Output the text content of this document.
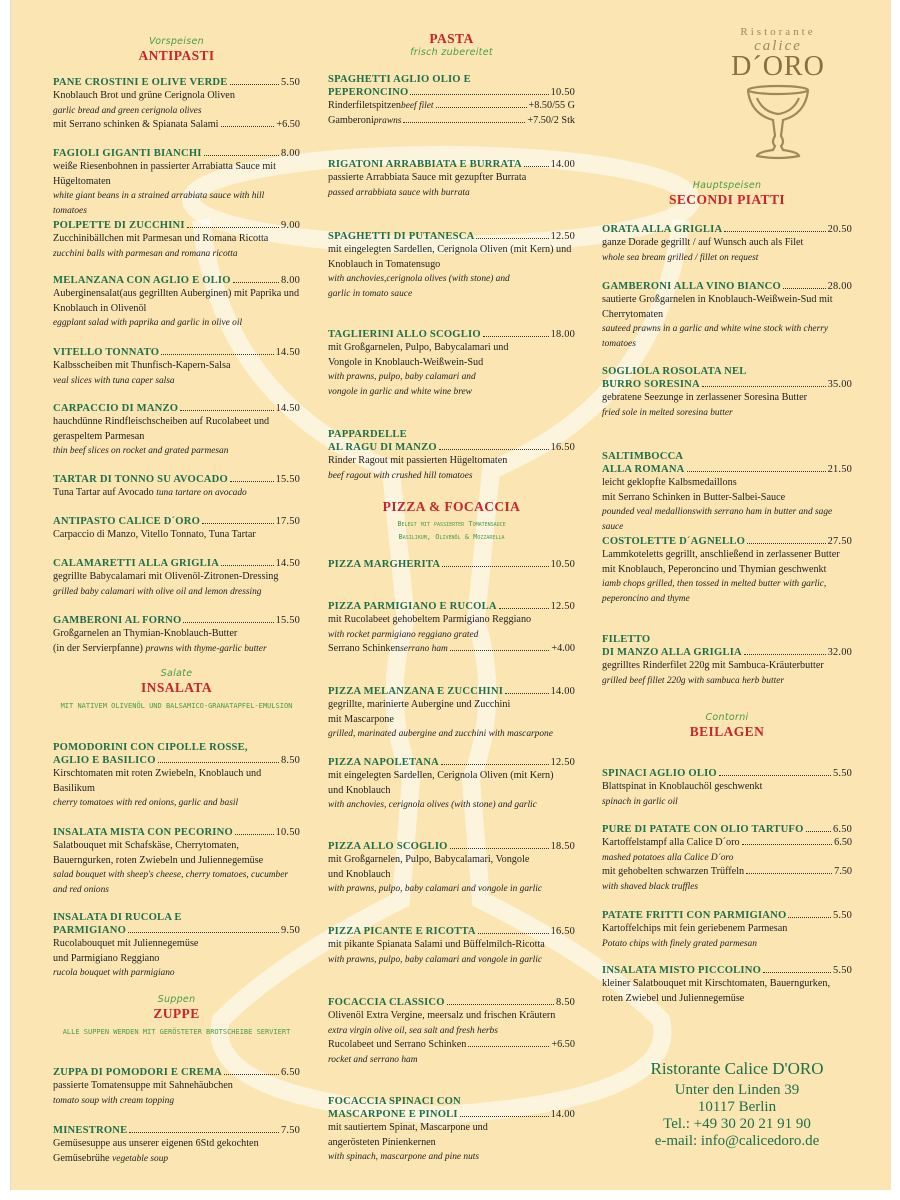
Ristorante
calice
D´ORO
Vorspeisen
ANTIPASTI
Salate
INSALATA
MIT NATIVEM OLIVENÖL UND BALSAMICO-GRANATAPFEL-EMULSION
Suppen
ZUPPE
ALLE SUPPEN WERDEN MIT GERÖSTETER BROTSCHEIBE SERVIERT
PANE CROSTINI E OLIVE VERDE	5.50
Knoblauch Brot und grüne Cerignola Oliven
garlic bread and green cerignola olives
mit Serrano schinken & Spianata Salami	+6.50
FAGIOLI GIGANTI BIANCHI	8.00
weiße Riesenbohnen in passierter Arrabiatta Sauce mit Hügeltomaten
white giant beans in a strained arrabiata sauce with hill tomatoes
POLPETTE DI ZUCCHINI	9.00
Zucchinibällchen mit Parmesan und Romana Ricotta
zucchini balls with parmesan and romana ricotta
MELANZANA CON AGLIO E OLIO	8.00
Auberginensalat(aus gegrillten Auberginen) mit Paprika und Knoblauch in Olivenöl
eggplant salad with paprika and garlic in olive oil
VITELLO TONNATO	14.50
Kalbsscheiben mit Thunfisch-Kapern-Salsa
veal slices with tuna caper salsa
CARPACCIO DI MANZO	14.50
hauchdünne Rindfleischscheiben auf Rucolabeet und geraspeltem Parmesan
thin beef slices on rocket and grated parmesan
TARTAR DI TONNO SU AVOCADO	15.50
Tuna Tartar auf Avocado tuna tartare on avocado
ANTIPASTO CALICE D´ORO	17.50
Carpaccio di Manzo, Vitello Tonnato, Tuna Tartar
CALAMARETTI ALLA GRIGLIA	14.50
gegrillte Babycalamari mit Olivenöl-Zitronen-Dressing
grilled baby calamari with olive oil and lemon dressing
GAMBERONI AL FORNO	15.50
Großgarnelen an Thymian-Knoblauch-Butter
(in der Servierpfanne) prawns with thyme-garlic butter
POMODORINI CON CIPOLLE ROSSE,
AGLIO E BASILICO	8.50
Kirschtomaten mit roten Zwiebeln, Knoblauch und Basilikum
cherry tomatoes with red onions, garlic and basil
INSALATA MISTA CON PECORINO	10.50
Salatbouquet mit Schafskäse, Cherrytomaten, Bauerngurken, roten Zwiebeln und Juliennegemüse
salad bouquet with sheep's cheese, cherry tomatoes, cucumber and red onions
INSALATA DI RUCOLA E
PARMIGIANO	9.50
Rucolabouquet mit Juliennegemüse
und Parmigiano Reggiano
rucola bouquet with parmigiano
ZUPPA DI POMODORI E CREMA	6.50
passierte Tomatensuppe mit Sahnehäubchen
tomato soup with cream topping
MINESTRONE	7.50
Gemüsesuppe aus unserer eigenen 6Std gekochten
Gemüsebrühe vegetable soup
PASTA
frisch zubereitet
PIZZA & FOCACCIA
Belegt mit passierter Tomatensauce
Basilikum, Olivenöl & Mozzarella
SPAGHETTI AGLIO OLIO E
PEPERONCINO	10.50
Rinderfiletspitzen beef filet	+8.50/55 G
Gamberoni prawns	+7.50/2 Stk
RIGATONI ARRABBIATA E BURRATA	14.00
passierte Arrabbiata Sauce mit gezupfter Burrata
passed arrabbiata sauce with burrata
SPAGHETTI DI PUTANESCA	12.50
mit eingelegten Sardellen, Cerignola Oliven (mit Kern) und Knoblauch in Tomatensugo
with anchovies,cerignola olives (with stone) and
garlic in tomato sauce
TAGLIERINI ALLO SCOGLIO	18.00
mit Großgarnelen, Pulpo, Babycalamari und
Vongole in Knoblauch-Weißwein-Sud
with prawns, pulpo, baby calamari and
vongole in garlic and white wine brew
PAPPARDELLE
AL RAGU DI MANZO	16.50
Rinder Ragout mit passierten Hügeltomaten
beef ragout with crushed hill tomatoes
PIZZA MARGHERITA	10.50
PIZZA PARMIGIANO E RUCOLA	12.50
mit Rucolabeet gehobeltem Parmigiano Reggiano
with rocket parmigiano reggiano grated
Serrano Schinken serrano ham	+4.00
PIZZA MELANZANA E ZUCCHINI	14.00
gegrillte, marinierte Aubergine und Zucchini
mit Mascarpone
grilled, marinated aubergine and zucchini with mascarpone
PIZZA NAPOLETANA	12.50
mit eingelegten Sardellen, Cerignola Oliven (mit Kern)
und Knoblauch
with anchovies, cerignola olives (with stone) and garlic
PIZZA ALLO SCOGLIO	18.50
mit Großgarnelen, Pulpo, Babycalamari, Vongole
und Knoblauch
with prawns, pulpo, baby calamari and vongole in garlic
PIZZA PICANTE E RICOTTA	16.50
mit pikante Spianata Salami und Büffelmilch-Ricotta
with prawns, pulpo, baby calamari and vongole in garlic
FOCACCIA CLASSICO	8.50
Olivenöl Extra Vergine, meersalz und frischen Kräutern
extra virgin olive oil, sea salt and fresh herbs
Rucolabeet und Serrano Schinken	+6.50
rocket and serrano ham
FOCACCIA SPINACI CON
MASCARPONE E PINOLI	14.00
mit sautiertem Spinat, Mascarpone und
angerösteten Pinienkernen
with spinach, mascarpone and pine nuts
Hauptspeisen
SECONDI PIATTI
Contorni
BEILAGEN
ORATA ALLA GRIGLIA	20.50
ganze Dorade gegrillt / auf Wunsch auch als Filet
whole sea bream grilled / fillet on request
GAMBERONI ALLA VINO BIANCO	28.00
sautierte Großgarnelen in Knoblauch-Weißwein-Sud mit Cherrytomaten
sauteed prawns in a garlic and white wine stock with cherry tomatoes
SOGLIOLA ROSOLATA NEL
BURRO SORESINA	35.00
gebratene Seezunge in zerlassener Soresina Butter
fried sole in melted soresina butter
SALTIMBOCCA
ALLA ROMANA	21.50
leicht geklopfte Kalbsmedaillons
mit Serrano Schinken in Butter-Salbei-Sauce
pounded veal medallionswith serrano ham in butter and sage sauce
COSTOLETTE D´AGNELLO	27.50
Lammkoteletts gegrillt, anschließend in zerlassener Butter mit Knoblauch, Peperoncino und Thymian geschwenkt
iamb chops grilled, then tossed in melted butter with garlic, peperoncino and thyme
FILETTO
DI MANZO ALLA GRIGLIA	32.00
gegrilltes Rinderfilet 220g mit Sambuca-Kräuterbutter
grilled beef fillet 220g with sambuca herb butter
SPINACI AGLIO OLIO	5.50
Blattspinat in Knoblauchöl geschwenkt
spinach in garlic oil
PURE DI PATATE CON OLIO TARTUFO	6.50
Kartoffelstampf alla Calice D´oro	6.50
mashed potatoes alla Calice D´oro
mit gehobelten schwarzen Trüffeln	7.50
with shaved black truffles
PATATE FRITTI CON PARMIGIANO	5.50
Kartoffelchips mit fein geriebenem Parmesan
Potato chips with finely grated parmesan
INSALATA MISTO PICCOLINO	5.50
kleiner Salatbouquet mit Kirschtomaten, Bauerngurken, roten Zwiebel und Juliennegemüse
Ristorante Calice D'ORO
Unter den Linden 39
10117 Berlin
Tel.: +49 30 20 21 91 90
e-mail: info@calicedoro.de
